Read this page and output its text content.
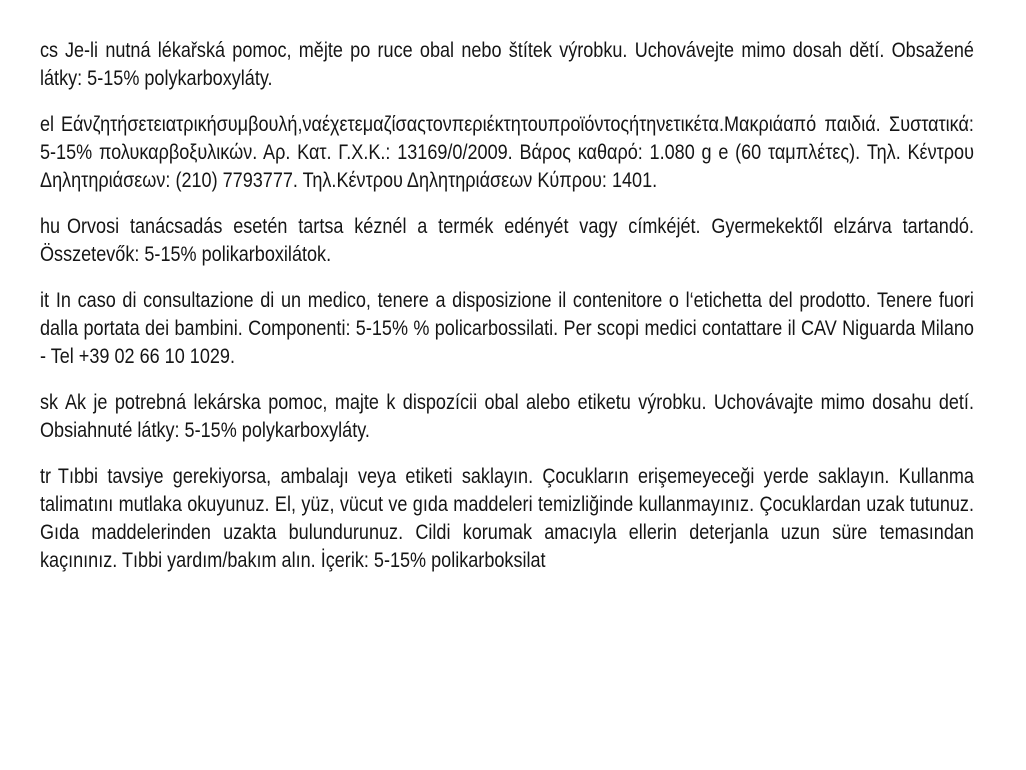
cs Je-li nutná lékařská pomoc, mějte po ruce obal nebo štítek výrobku. Uchovávejte mimo dosah dětí. Obsažené látky: 5-15% polykarboxyláty.

el Εάνζητήσετειατρικήσυμβουλή,ναέχετεμαζίσαςτονπεριέκτητουπροϊόντοςήτηνετικέτα.Μακριάαπό παιδιά. Συστατικά: 5-15% πολυκαρβοξυλικών. Αρ. Κατ. Γ.Χ.Κ.: 13169/0/2009. Βάρος καθαρό: 1.080 g e (60 ταμπλέτες). Τηλ. Κέντρου Δηλητηριάσεων: (210) 7793777. Τηλ.Κέντρου Δηλητηριάσεων Κύπρου: 1401.

hu Orvosi tanácsadás esetén tartsa kéznél a termék edényét vagy címkéjét. Gyermekektől elzárva tartandó.   Összetevők: 5-15% polikarboxilátok.

it In caso di consultazione di un medico, tenere a disposizione il contenitore o l‘etichetta del prodotto. Tenere fuori dalla portata dei bambini. Componenti: 5-15% % policarbossilati. Per scopi medici contattare il CAV Niguarda Milano - Tel +39 02 66 10 1029.

sk Ak je potrebná lekárska pomoc, majte k dispozícii obal alebo etiketu výrobku. Uchovávajte mimo dosahu detí. Obsiahnuté látky: 5-15% polykarboxyláty.

tr Tıbbi tavsiye gerekiyorsa, ambalajı veya etiketi saklayın. Çocukların erişemeyeceği yerde saklayın. Kullanma talimatını mutlaka okuyunuz. El, yüz, vücut ve gıda maddeleri temizliğinde kullanmayınız. Çocuklardan uzak tutunuz. Gıda maddelerinden uzakta bulundurunuz. Cildi korumak amacıyla ellerin deterjanla uzun süre temasından kaçınınız. Tıbbi yardım/bakım alın. İçerik: 5-15% polikarboksilat
